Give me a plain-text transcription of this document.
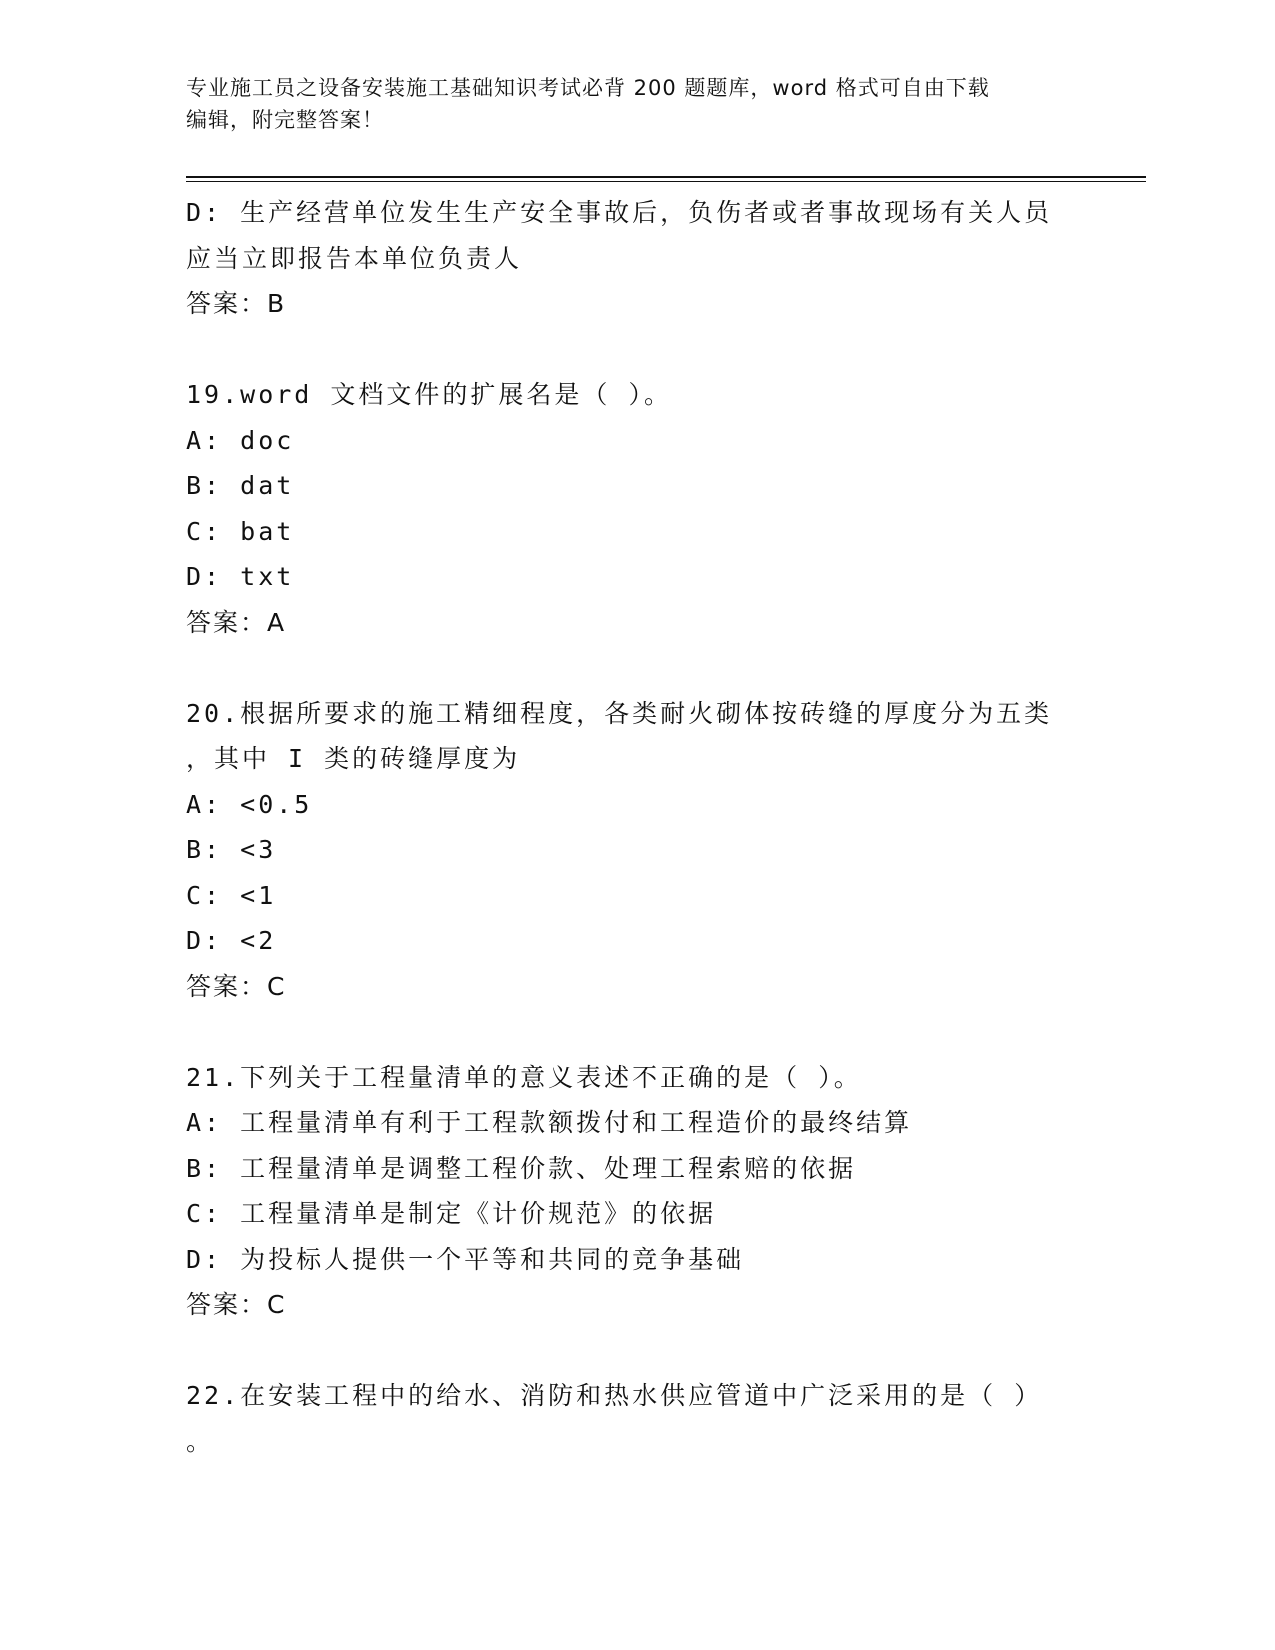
专业施工员之设备安装施工基础知识考试必背 200 题题库，word 格式可自由下载
编辑，附完整答案！
D: 生产经营单位发生生产安全事故后，负伤者或者事故现场有关人员
应当立即报告本单位负责人
答案：B
19.word 文档文件的扩展名是（ ）。
A: doc
B: dat
C: bat
D: txt
答案：A
20.根据所要求的施工精细程度，各类耐火砌体按砖缝的厚度分为五类
，其中 I 类的砖缝厚度为
A: <0.5
B: <3
C: <1
D: <2
答案：C
21.下列关于工程量清单的意义表述不正确的是（ ）。
A: 工程量清单有利于工程款额拨付和工程造价的最终结算
B: 工程量清单是调整工程价款、处理工程索赔的依据
C: 工程量清单是制定《计价规范》的依据
D: 为投标人提供一个平等和共同的竞争基础
答案：C
22.在安装工程中的给水、消防和热水供应管道中广泛采用的是（ ）
。
